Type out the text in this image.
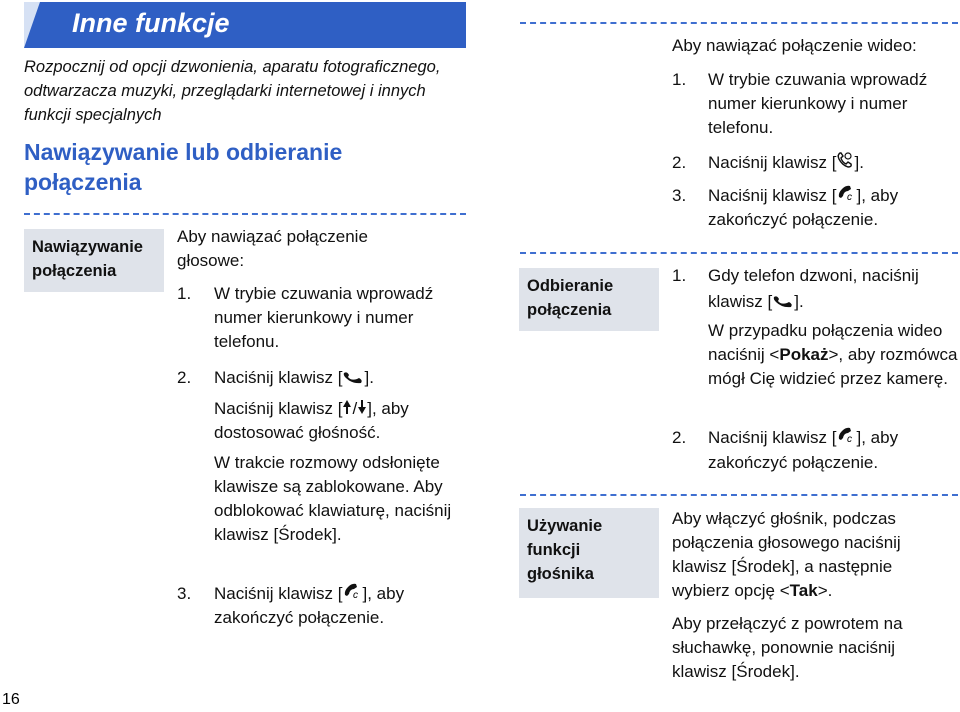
Inne funkcje
Rozpocznij od opcji dzwonienia, aparatu fotograficznego, odtwarzacza muzyki, przeglądarki internetowej i innych funkcji specjalnych
Nawiązywanie lub odbieranie połączenia
Nawiązywanie połączenia
Aby nawiązać połączenie głosowe:
1. W trybie czuwania wprowadź numer kierunkowy i numer telefonu.
2. Naciśnij klawisz [ ].
Naciśnij klawisz [ / ], aby
dostosować głośność.
W trakcie rozmowy odsłonięte klawisze są zablokowane. Aby odblokować klawiaturę, naciśnij klawisz [Środek].
3. Naciśnij klawisz [ c ], aby
zakończyć połączenie.
Aby nawiązać połączenie wideo:
1. W trybie czuwania wprowadź numer kierunkowy i numer telefonu.
2. Naciśnij klawisz [ ].
3. Naciśnij klawisz [ c ], aby
zakończyć połączenie.
Odbieranie połączenia
1. Gdy telefon dzwoni, naciśnij
klawisz [ ].
W przypadku połączenia wideo naciśnij <Pokaż>, aby rozmówca mógł Cię widzieć przez kamerę.
2. Naciśnij klawisz [ c ], aby
zakończyć połączenie.
Używanie funkcji głośnika
Aby włączyć głośnik, podczas połączenia głosowego naciśnij klawisz [Środek], a następnie wybierz opcję <Tak>.
Aby przełączyć z powrotem na słuchawkę, ponownie naciśnij klawisz [Środek].
16
